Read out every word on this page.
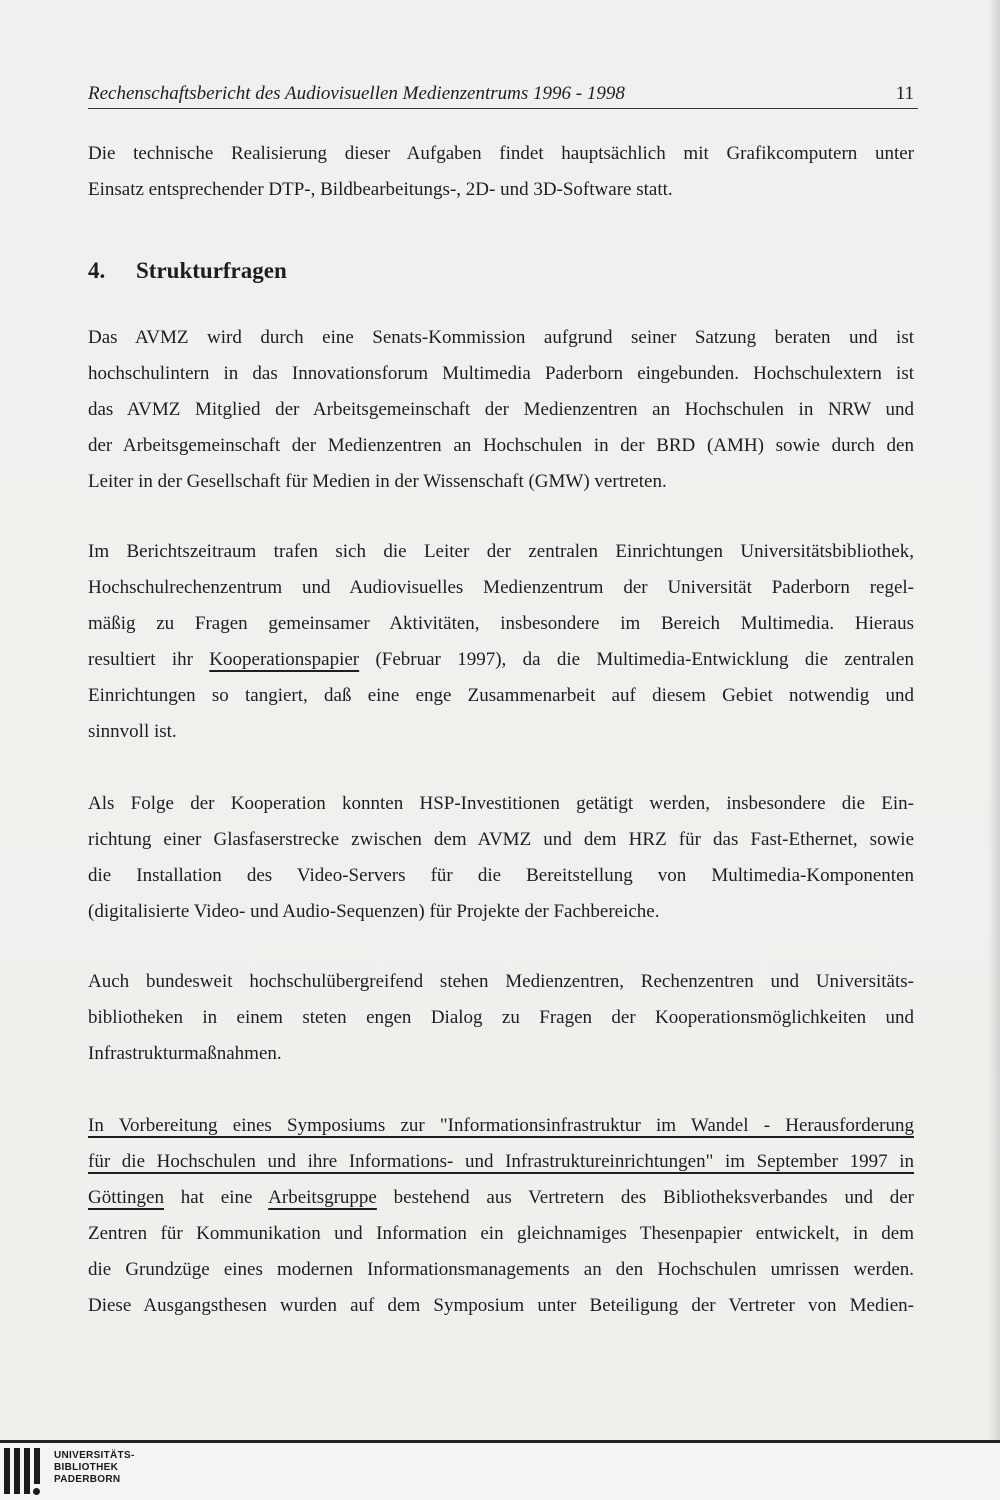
Rechenschaftsbericht des Audiovisuellen Medienzentrums 1996 - 1998	11
Die technische Realisierung dieser Aufgaben findet hauptsächlich mit Grafikcomputern unter
Einsatz entsprechender DTP-, Bildbearbeitungs-, 2D- und 3D-Software statt.
4. Strukturfragen
Das AVMZ wird durch eine Senats-Kommission aufgrund seiner Satzung beraten und ist
hochschulintern in das Innovationsforum Multimedia Paderborn eingebunden. Hochschulextern ist
das AVMZ Mitglied der Arbeitsgemeinschaft der Medienzentren an Hochschulen in NRW und
der Arbeitsgemeinschaft der Medienzentren an Hochschulen in der BRD (AMH) sowie durch den
Leiter in der Gesellschaft für Medien in der Wissenschaft (GMW) vertreten.
Im Berichtszeitraum trafen sich die Leiter der zentralen Einrichtungen Universitätsbibliothek,
Hochschulrechenzentrum und Audiovisuelles Medienzentrum der Universität Paderborn regel-
mäßig zu Fragen gemeinsamer Aktivitäten, insbesondere im Bereich Multimedia. Hieraus
resultiert ihr Kooperationspapier (Februar 1997), da die Multimedia-Entwicklung die zentralen
Einrichtungen so tangiert, daß eine enge Zusammenarbeit auf diesem Gebiet notwendig und
sinnvoll ist.
Als Folge der Kooperation konnten HSP-Investitionen getätigt werden, insbesondere die Ein-
richtung einer Glasfaserstrecke zwischen dem AVMZ und dem HRZ für das Fast-Ethernet, sowie
die Installation des Video-Servers für die Bereitstellung von Multimedia-Komponenten
(digitalisierte Video- und Audio-Sequenzen) für Projekte der Fachbereiche.
Auch bundesweit hochschulübergreifend stehen Medienzentren, Rechenzentren und Universitäts-
bibliotheken in einem steten engen Dialog zu Fragen der Kooperationsmöglichkeiten und
Infrastrukturmaßnahmen.
In Vorbereitung eines Symposiums zur "Informationsinfrastruktur im Wandel - Herausforderung
für die Hochschulen und ihre Informations- und Infrastruktureinrichtungen" im September 1997 in
Göttingen hat eine Arbeitsgruppe bestehend aus Vertretern des Bibliotheksverbandes und der
Zentren für Kommunikation und Information ein gleichnamiges Thesenpapier entwickelt, in dem
die Grundzüge eines modernen Informationsmanagements an den Hochschulen umrissen werden.
Diese Ausgangsthesen wurden auf dem Symposium unter Beteiligung der Vertreter von Medien-
UNIVERSITÄTS-
BIBLIOTHEK
PADERBORN
